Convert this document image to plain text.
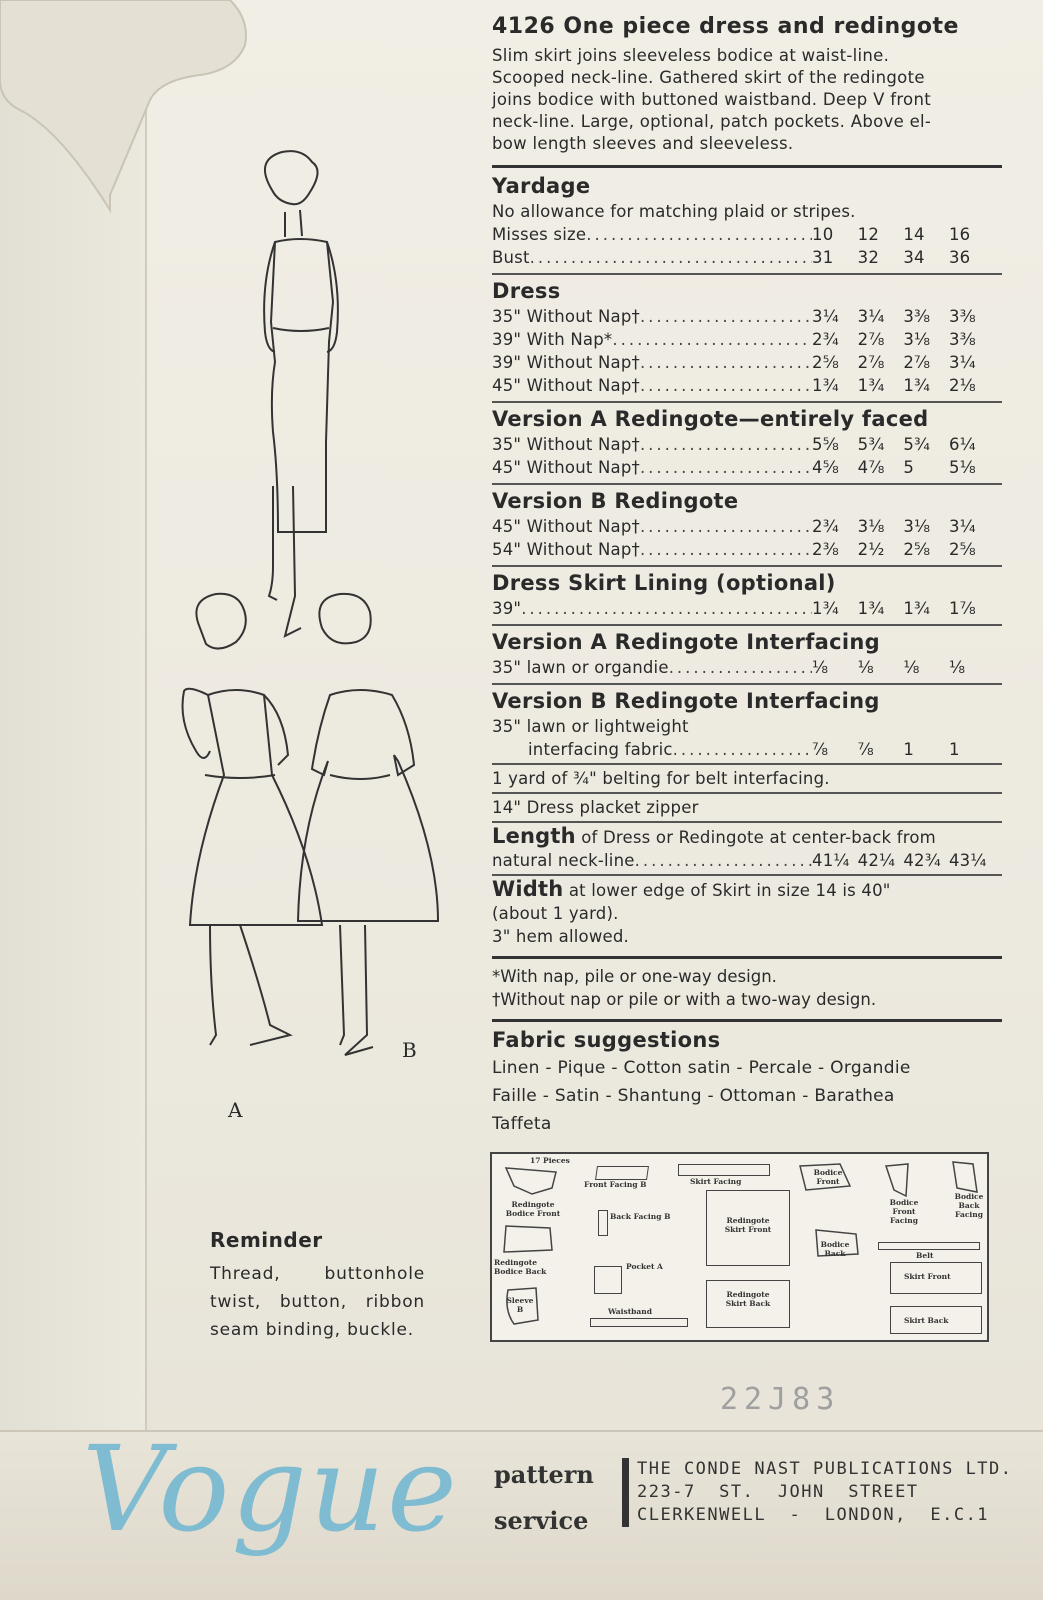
A
B
4126 One piece dress and redingote

Slim skirt joins sleeveless bodice at waist-line.
Scooped neck-line. Gathered skirt of the redingote
joins bodice with buttoned waistband. Deep V front
neck-line. Large, optional, patch pockets. Above el-
bow length sleeves and sleeveless.

Yardage
No allowance for matching plaid or stripes.
Misses size .....	10	12	14	16
Bust .....	31	32	34	36
Dress
35" Without Nap† .....	3¼	3¼	3⅜	3⅜
39" With Nap* .....	2¾	2⅞	3⅛	3⅜
39" Without Nap† .....	2⅝	2⅞	2⅞	3¼
45" Without Nap† .....	1¾	1¾	1¾	2⅛
Version A Redingote—entirely faced
35" Without Nap† .....	5⅝	5¾	5¾	6¼
45" Without Nap† .....	4⅝	4⅞	5	5⅛
Version B Redingote
45" Without Nap† .....	2¾	3⅛	3⅛	3¼
54" Without Nap† .....	2⅜	2½	2⅝	2⅝
Dress Skirt Lining (optional)
39" .....	1¾	1¾	1¾	1⅞
Version A Redingote Interfacing
35" lawn or organdie .....	⅛	⅛	⅛	⅛
Version B Redingote Interfacing
35" lawn or lightweight
interfacing fabric .....	⅞	⅞	1	1
1 yard of ¾" belting for belt interfacing.
14" Dress placket zipper
Length of Dress or Redingote at center-back from
natural neck-line .....	41¼ 42¼ 42¾ 43¼
Width at lower edge of Skirt in size 14 is 40"
(about 1 yard).
3" hem allowed.
*With nap, pile or one-way design.
†Without nap or pile or with a two-way design.
Fabric suggestions
Linen - Pique - Cotton satin - Percale - Organdie
Faille - Satin - Shantung - Ottoman - Barathea
Taffeta
17 Pieces
Redingote Bodice Front
Front Facing B	Skirt Facing
Bodice Front
Bodice Front Facing
Bodice Back Facing
Back Facing B	Redingote Skirt Front
Bodice Back
Redingote Bodice Back
Belt
Pocket A
Skirt Front
Sleeve B
Redingote Skirt Back
Waistband
Skirt Back
Reminder

Thread, buttonhole twist, button, ribbon seam binding, buckle.

22J83
Vogue pattern
service
THE CONDE NAST PUBLICATIONS LTD.
223-7  ST.  JOHN  STREET
CLERKENWELL  -  LONDON,  E.C.1
